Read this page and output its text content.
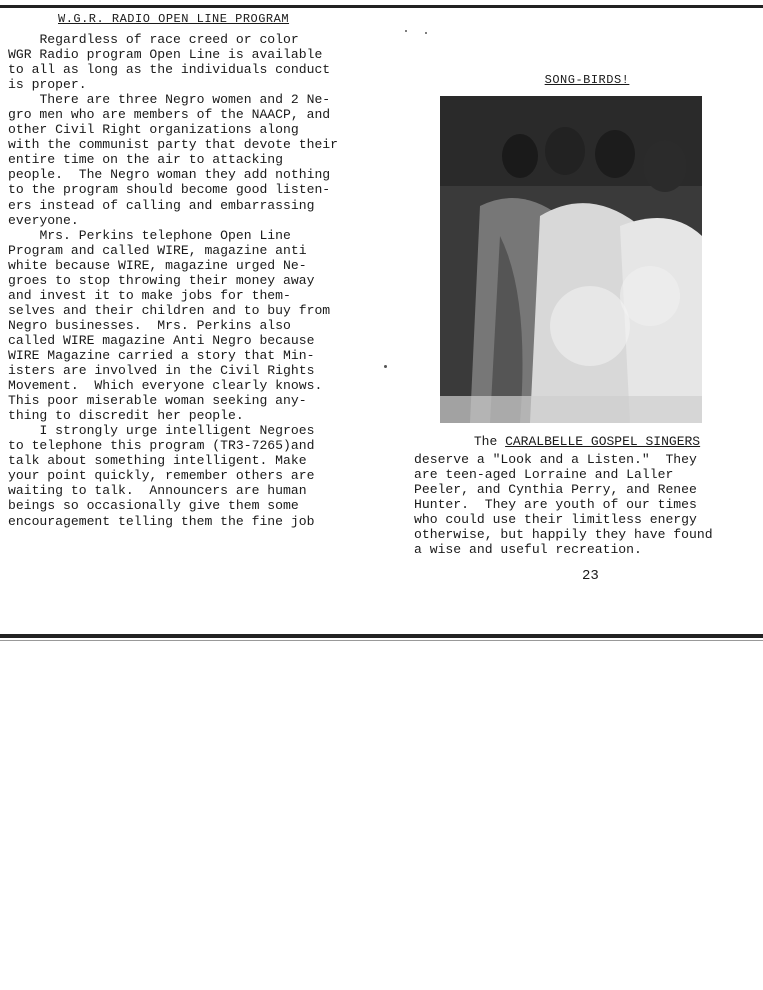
W.G.R. RADIO OPEN LINE PROGRAM

Regardless of race creed or color
WGR Radio program Open Line is available
to all as long as the individuals conduct
is proper.

There are three Negro women and 2 Ne-
gro men who are members of the NAACP, and
other Civil Right organizations along
with the communist party that devote their
entire time on the air to attacking
people.  The Negro woman they add nothing
to the program should become good listen-
ers instead of calling and embarrassing
everyone.

Mrs. Perkins telephone Open Line
Program and called WIRE, magazine anti
white because WIRE, magazine urged Ne-
groes to stop throwing their money away
and invest it to make jobs for them-
selves and their children and to buy from
Negro businesses.  Mrs. Perkins also
called WIRE magazine Anti Negro because
WIRE Magazine carried a story that Min-
isters are involved in the Civil Rights
Movement.  Which everyone clearly knows.
This poor miserable woman seeking any-
thing to discredit her people.

I strongly urge intelligent Negroes
to telephone this program (TR3-7265)and
talk about something intelligent. Make
your point quickly, remember others are
waiting to talk.  Announcers are human
beings so occasionally give them some
encouragement telling them the fine job

SONG-BIRDS!
The CARALBELLE GOSPEL SINGERS

deserve a "Look and a Listen."  They
are teen-aged Lorraine and Laller
Peeler, and Cynthia Perry, and Renee
Hunter.  They are youth of our times
who could use their limitless energy
otherwise, but happily they have found
a wise and useful recreation.

23
